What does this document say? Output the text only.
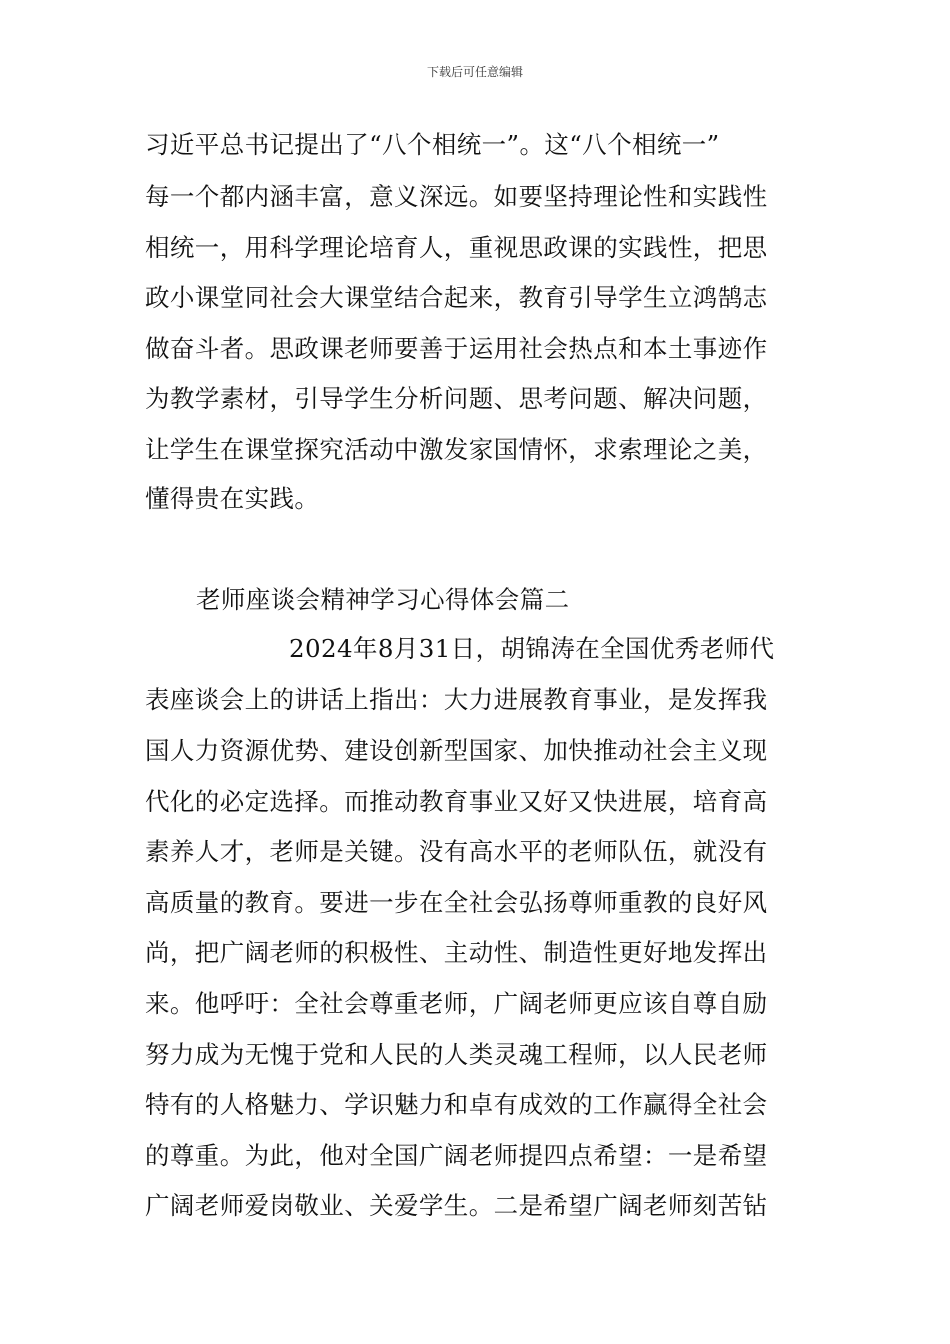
下载后可任意编辑
习近平总书记提出了“八个相统一”。这“八个相统一”
每一个都内涵丰富，意义深远。如要坚持理论性和实践性
相统一，用科学理论培育人，重视思政课的实践性，把思
政小课堂同社会大课堂结合起来，教育引导学生立鸿鹄志
做奋斗者。思政课老师要善于运用社会热点和本土事迹作
为教学素材，引导学生分析问题、思考问题、解决问题，
让学生在课堂探究活动中激发家国情怀，求索理论之美，
懂得贵在实践。
老师座谈会精神学习心得体会篇二
2024年8月31日，胡锦涛在全国优秀老师代
表座谈会上的讲话上指出：大力进展教育事业，是发挥我
国人力资源优势、建设创新型国家、加快推动社会主义现
代化的必定选择。而推动教育事业又好又快进展，培育高
素养人才，老师是关键。没有高水平的老师队伍，就没有
高质量的教育。要进一步在全社会弘扬尊师重教的良好风
尚，把广阔老师的积极性、主动性、制造性更好地发挥出
来。他呼吁：全社会尊重老师，广阔老师更应该自尊自励
努力成为无愧于党和人民的人类灵魂工程师，以人民老师
特有的人格魅力、学识魅力和卓有成效的工作赢得全社会
的尊重。为此，他对全国广阔老师提四点希望：一是希望
广阔老师爱岗敬业、关爱学生。二是希望广阔老师刻苦钻
